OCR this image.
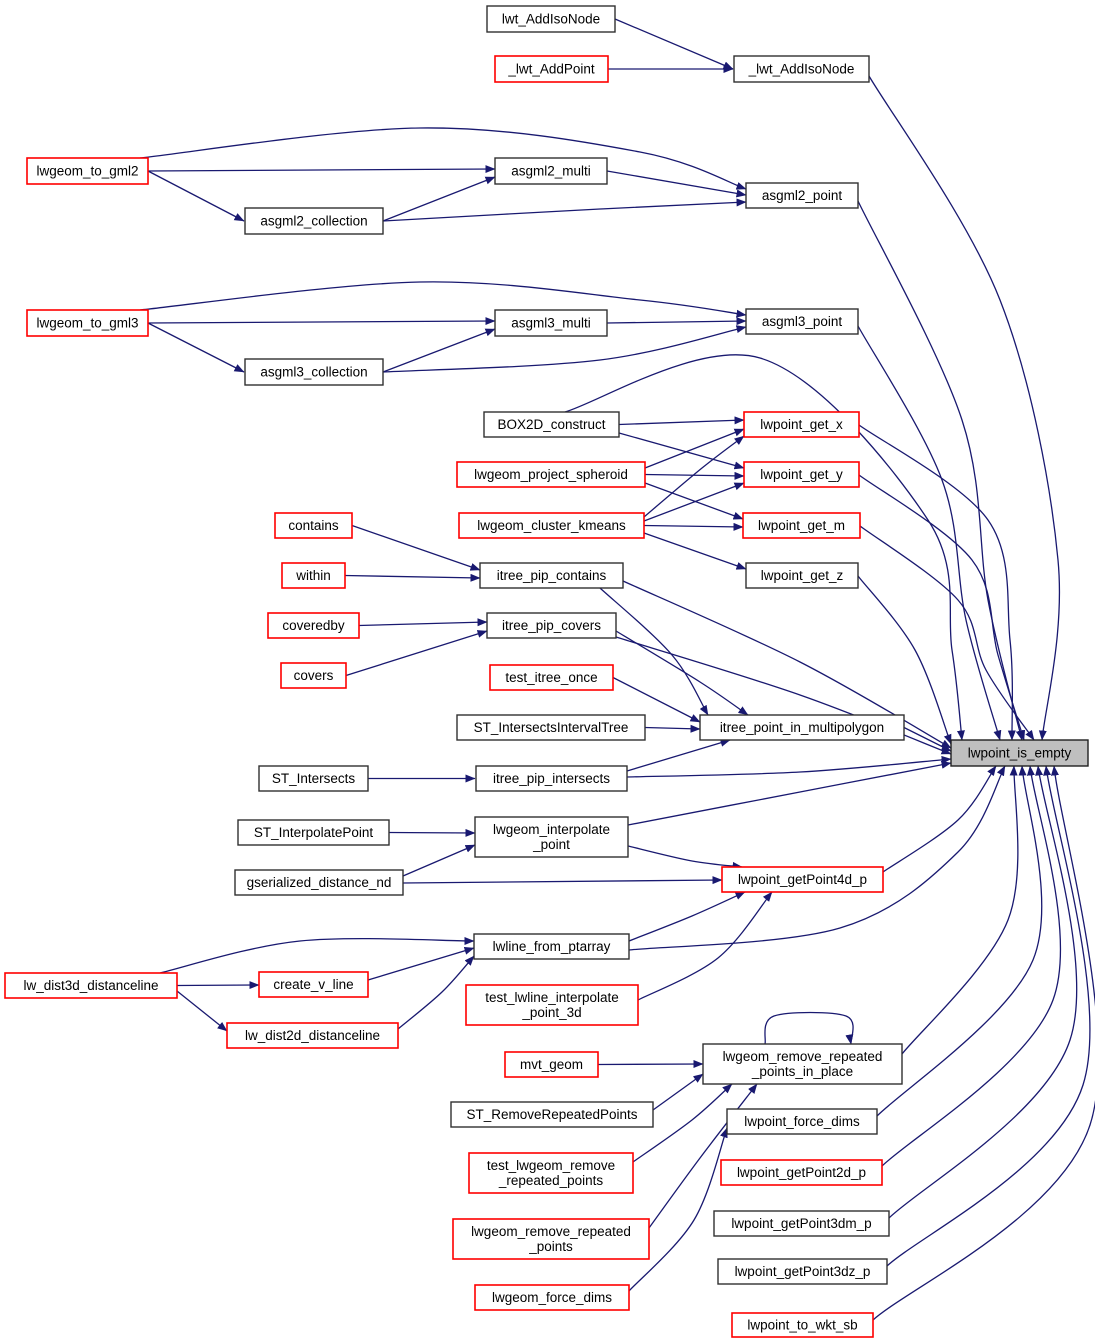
lwt_AddIsoNode
_lwt_AddPoint	_lwt_AddIsoNode
lwgeom_to_gml2	asgml2_multi
asgml2_collection
asgml2_point
lwgeom_to_gml3	asgml3_multi
asgml3_collection
asgml3_point
BOX2D_construct
lwgeom_project_spheroid
lwgeom_cluster_kmeans
lwpoint_get_x
lwpoint_get_y
lwpoint_get_m
lwpoint_get_z
contains
within
coveredby
covers
itree_pip_contains
itree_pip_covers
test_itree_once
ST_IntersectsIntervalTree	itree_point_in_multipolygon
ST_Intersects	itree_pip_intersects
ST_InterpolatePoint	lwgeom_interpolate _point
gserialized_distance_nd	lwpoint_getPoint4d_p
lwline_from_ptarray
test_lwline_interpolate _point_3d
lw_dist3d_distanceline	create_v_line
lw_dist2d_distanceline
mvt_geom
lwgeom_remove_repeated _points_in_place
ST_RemoveRepeatedPoints
test_lwgeom_remove _repeated_points
lwpoint_force_dims
lwpoint_getPoint2d_p
lwgeom_remove_repeated _points
lwgeom_force_dims
lwpoint_getPoint3dm_p
lwpoint_getPoint3dz_p
lwpoint_to_wkt_sb
lwpoint_is_empty
